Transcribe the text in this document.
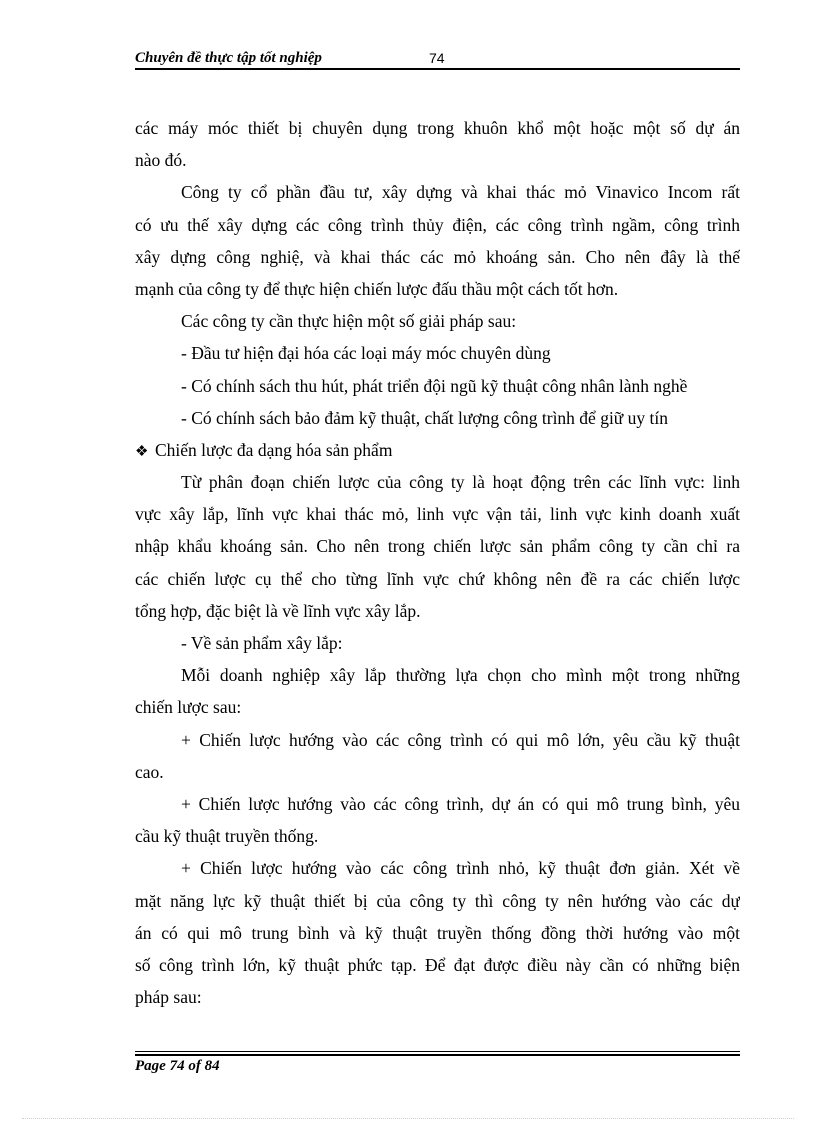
Chuyên đề thực tập tốt nghiệp	74
các máy móc thiết bị chuyên dụng trong khuôn khổ một hoặc một số dự án
nào đó.
Công ty cổ phần đầu tư, xây dựng và khai thác mỏ Vinavico Incom rất
có ưu thế xây dựng các công trình thủy điện, các công trình ngầm, công trình
xây dựng công nghiệ, và khai thác các mỏ khoáng sản. Cho nên đây là thế
mạnh của công ty để thực hiện chiến lược đấu thầu một cách tốt hơn.
Các công ty cần thực hiện một số giải pháp sau:
- Đầu tư hiện đại hóa các loại máy móc chuyên dùng
- Có chính sách thu hút, phát triển đội ngũ kỹ thuật công nhân lành nghề
- Có chính sách bảo đảm kỹ thuật, chất lượng công trình để giữ uy tín
❖ Chiến lược đa dạng hóa sản phẩm
Từ phân đoạn chiến lược của công ty là hoạt động trên các lĩnh vực: linh
vực xây lắp, lĩnh vực khai thác mỏ, linh vực vận tải, linh vực kinh doanh xuất
nhập khẩu khoáng sản. Cho nên trong chiến lược sản phẩm công ty cần chỉ ra
các chiến lược cụ thể cho từng lĩnh vực chứ không nên đề ra các chiến lược
tổng hợp, đặc biệt là về lĩnh vực xây lắp.
- Về sản phẩm xây lắp:
Mỗi doanh nghiệp xây lắp thường lựa chọn cho mình một trong những
chiến lược sau:
+ Chiến lược hướng vào các công trình có qui mô lớn, yêu cầu kỹ thuật
cao.
+ Chiến lược hướng vào các công trình, dự án có qui mô trung bình, yêu
cầu kỹ thuật truyền thống.
+ Chiến lược hướng vào các công trình nhỏ, kỹ thuật đơn giản. Xét về
mặt năng lực kỹ thuật thiết bị của công ty thì công ty nên hướng vào các dự
án có qui mô trung bình và kỹ thuật truyền thống đồng thời hướng vào một
số công trình lớn, kỹ thuật phức tạp. Để đạt được điều này cần có những biện
pháp sau:
Page 74 of 84
